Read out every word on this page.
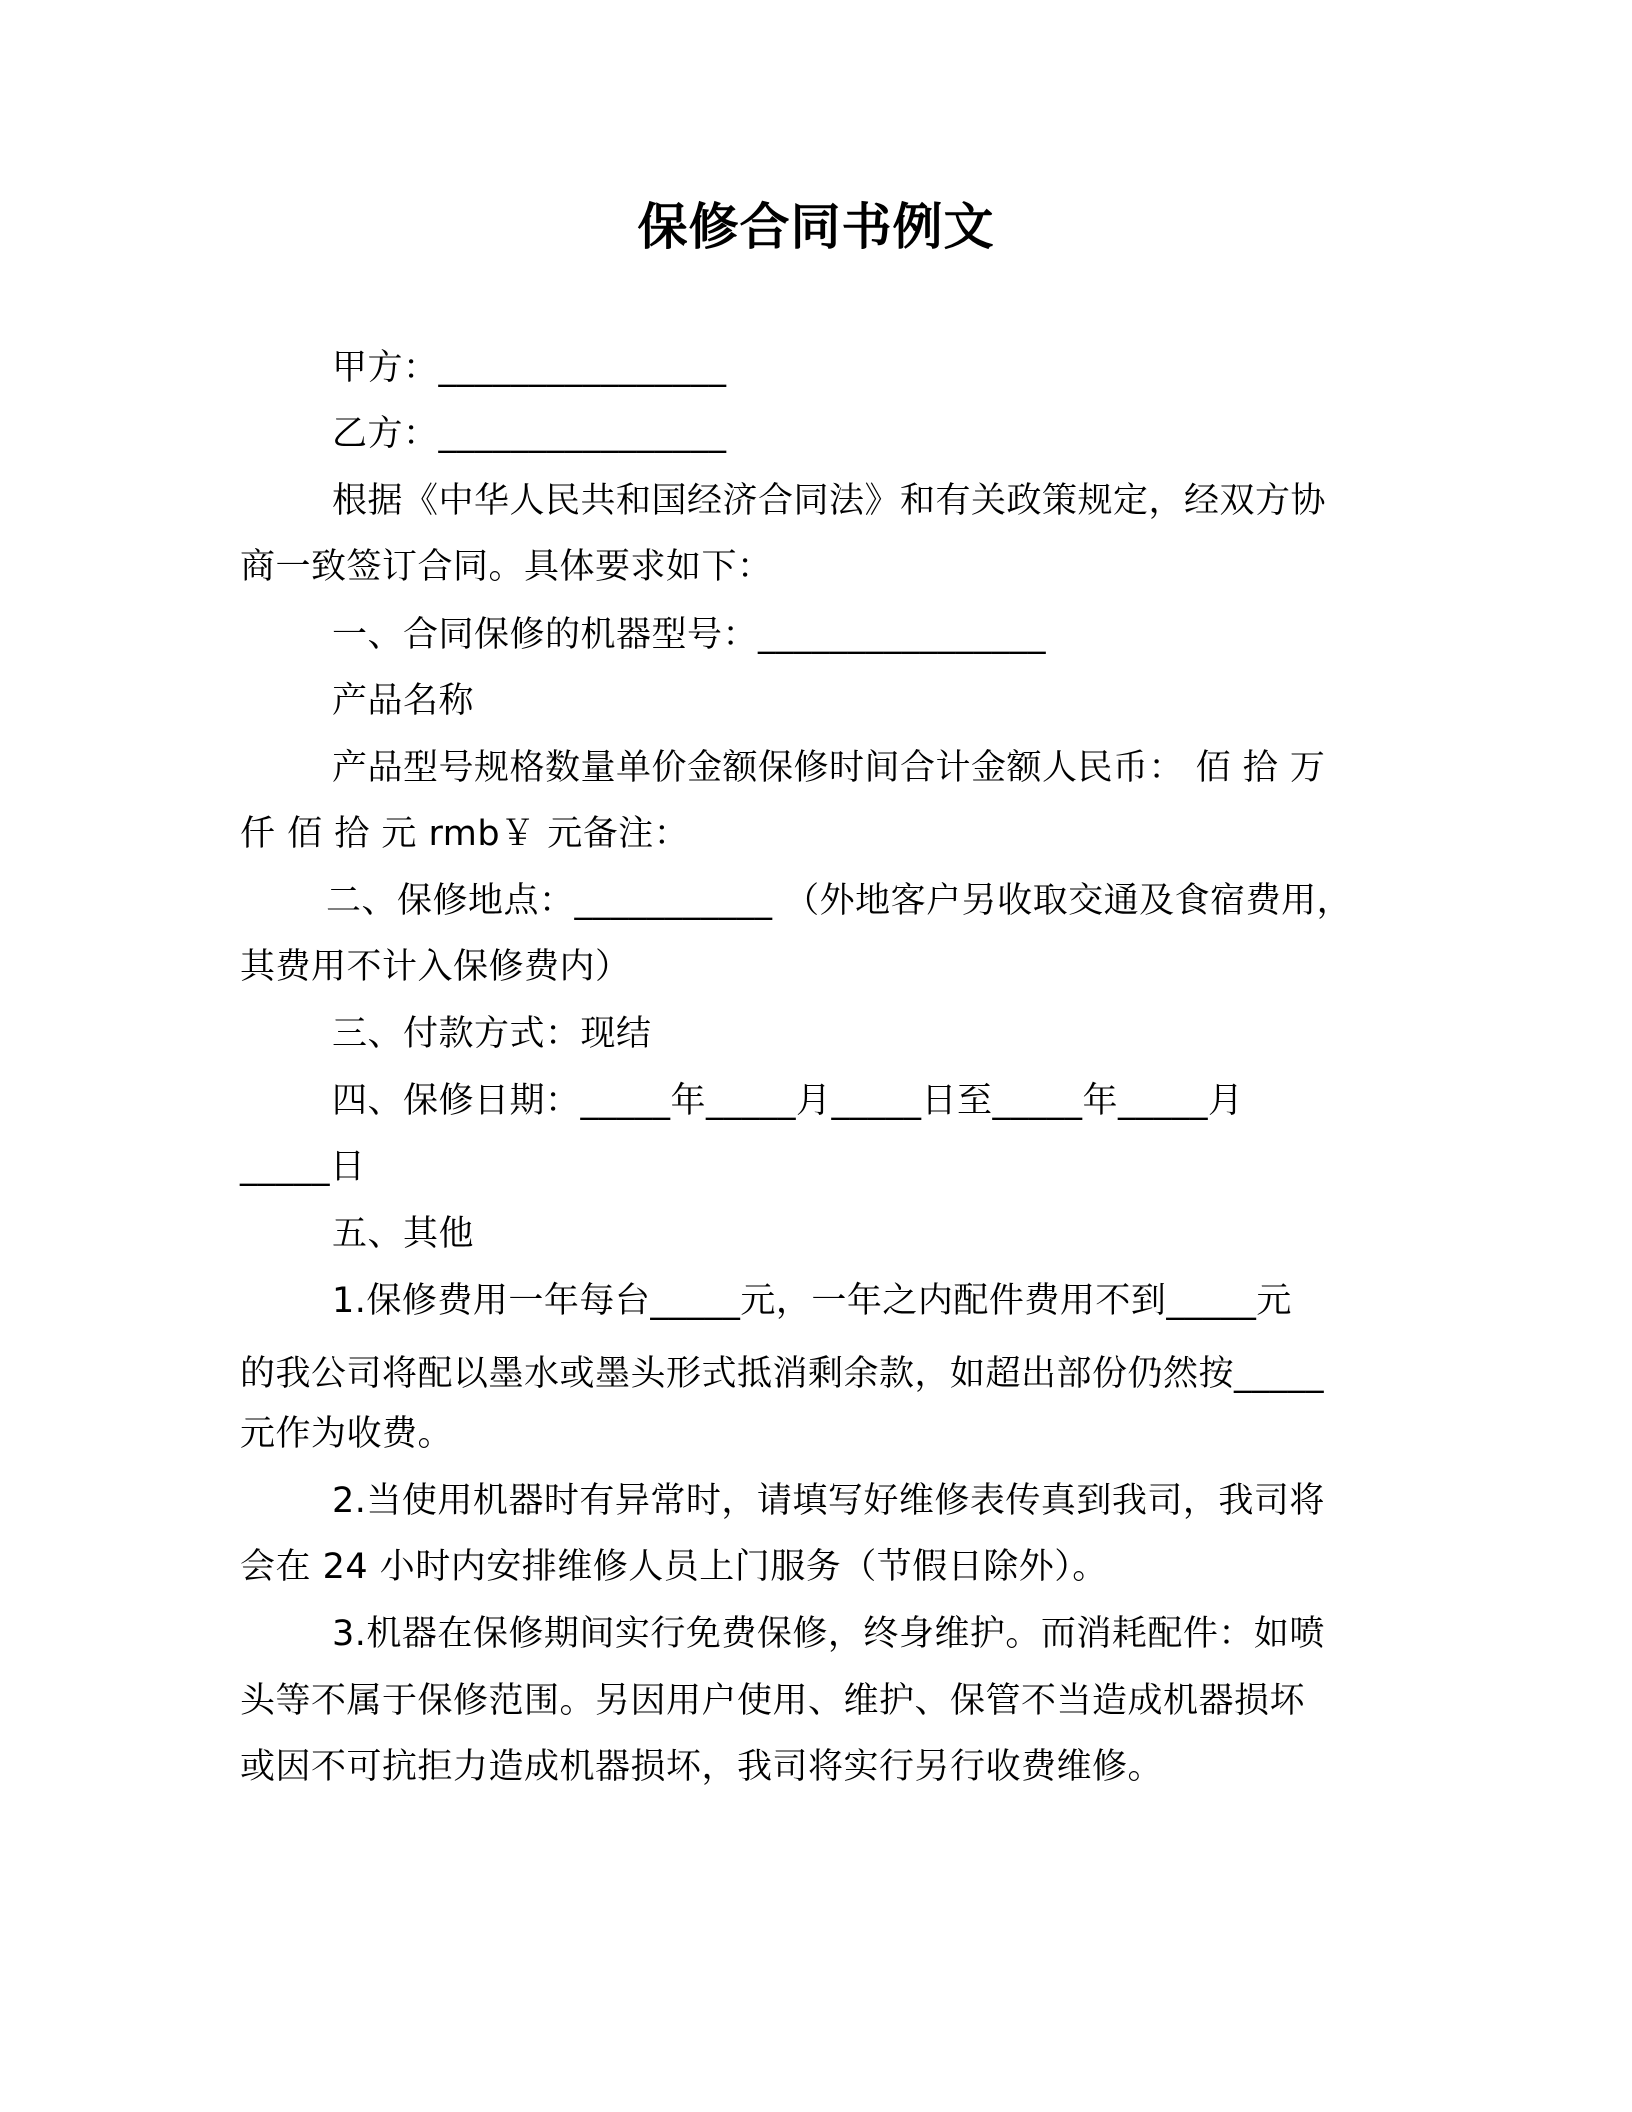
保修合同书例文
甲方：________________
乙方：________________
根据《中华人民共和国经济合同法》和有关政策规定，经双方协
商一致签订合同。具体要求如下：
一、合同保修的机器型号：________________
产品名称
产品型号规格数量单价金额保修时间合计金额人民币： 佰 拾 万
仟 佰 拾 元 rmb￥ 元备注：
二、保修地点：___________ （外地客户另收取交通及食宿费用，
其费用不计入保修费内）
三、付款方式：现结
四、保修日期：_____年_____月_____日至_____年_____月
_____日
五、其他
1.保修费用一年每台_____元，一年之内配件费用不到_____元
的我公司将配以墨水或墨头形式抵消剩余款，如超出部份仍然按_____
元作为收费。
2.当使用机器时有异常时，请填写好维修表传真到我司，我司将
会在 24 小时内安排维修人员上门服务（节假日除外）。
3.机器在保修期间实行免费保修，终身维护。而消耗配件：如喷
头等不属于保修范围。另因用户使用、维护、保管不当造成机器损坏
或因不可抗拒力造成机器损坏，我司将实行另行收费维修。
